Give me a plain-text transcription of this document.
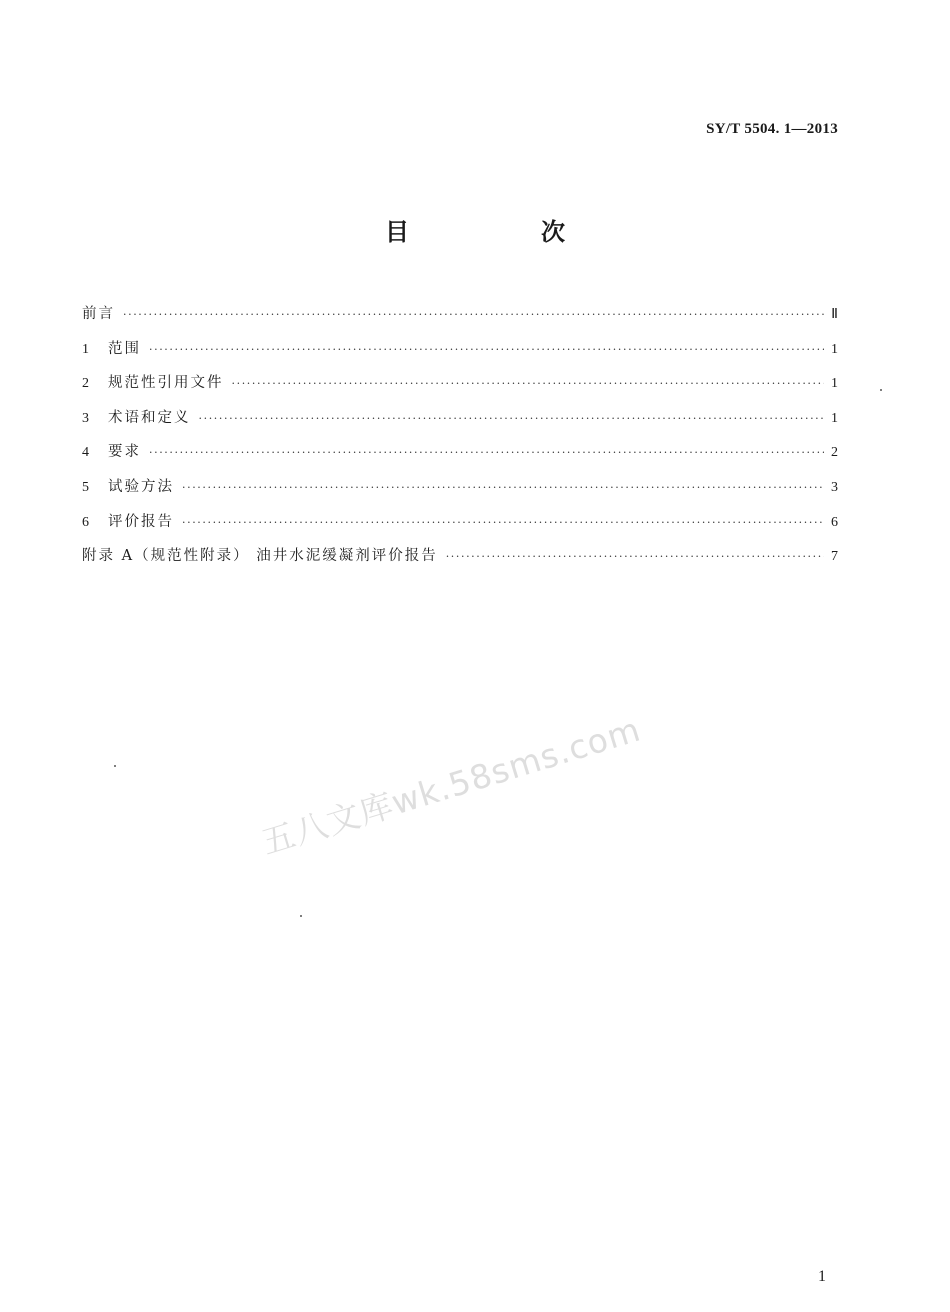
SY/T 5504. 1—2013
目　次
前言 ·····	Ⅱ
1	范围 ·····	1
2	规范性引用文件 ·····	1
3	术语和定义 ·····	1
4	要求 ·····	2
5	试验方法 ·····	3
6	评价报告 ·····	6
附录 A（规范性附录） 油井水泥缓凝剂评价报告 ·····	7
五八文库wk.58sms.com
1
